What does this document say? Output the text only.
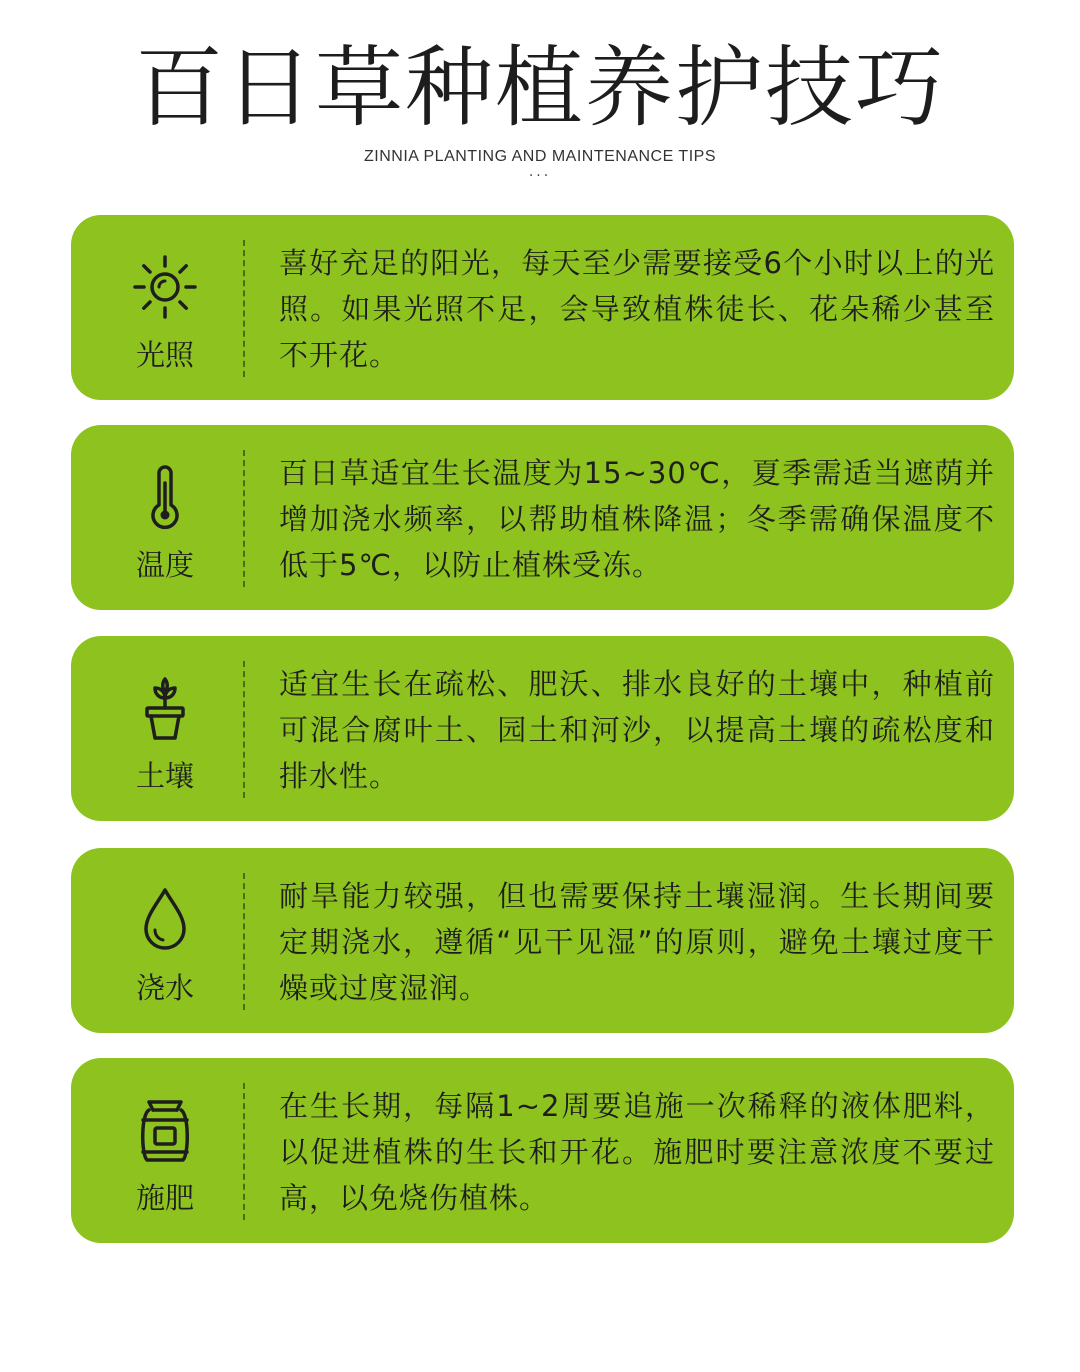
百日草种植养护技巧
ZINNIA PLANTING AND MAINTENANCE TIPS
···
光照
喜好充足的阳光，每天至少需要接受6个小时以上的光照。如果光照不足，会导致植株徒长、花朵稀少甚至不开花。
温度
百日草适宜生长温度为15~30℃，夏季需适当遮荫并增加浇水频率，以帮助植株降温；冬季需确保温度不低于5℃，以防止植株受冻。
土壤
适宜生长在疏松、肥沃、排水良好的土壤中，种植前可混合腐叶土、园土和河沙，以提高土壤的疏松度和排水性。
浇水
耐旱能力较强，但也需要保持土壤湿润。生长期间要定期浇水，遵循“见干见湿”的原则，避免土壤过度干燥或过度湿润。
施肥
在生长期，每隔1~2周要追施一次稀释的液体肥料，以促进植株的生长和开花。施肥时要注意浓度不要过高，以免烧伤植株。
